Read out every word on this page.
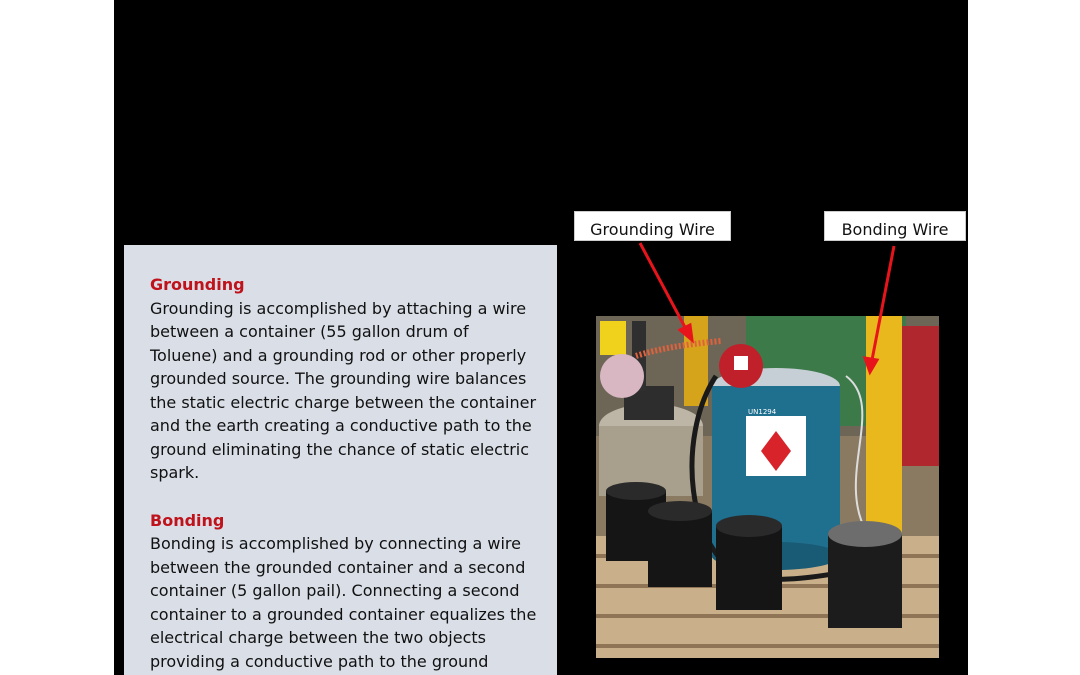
Grounding

Grounding is accomplished by attaching a wire between a container (55 gallon drum of Toluene) and a grounding rod or other properly grounded source. The grounding wire balances the static electric charge between the container and the earth creating a conductive path to the ground eliminating the chance of static electric spark.

Bonding

Bonding is accomplished by connecting a wire between the grounded container and a second container (5 gallon pail). Connecting a second container to a grounded container equalizes the electrical charge between the two objects providing a conductive path to the ground

Grounding Wire	Bonding Wire
UN1294
